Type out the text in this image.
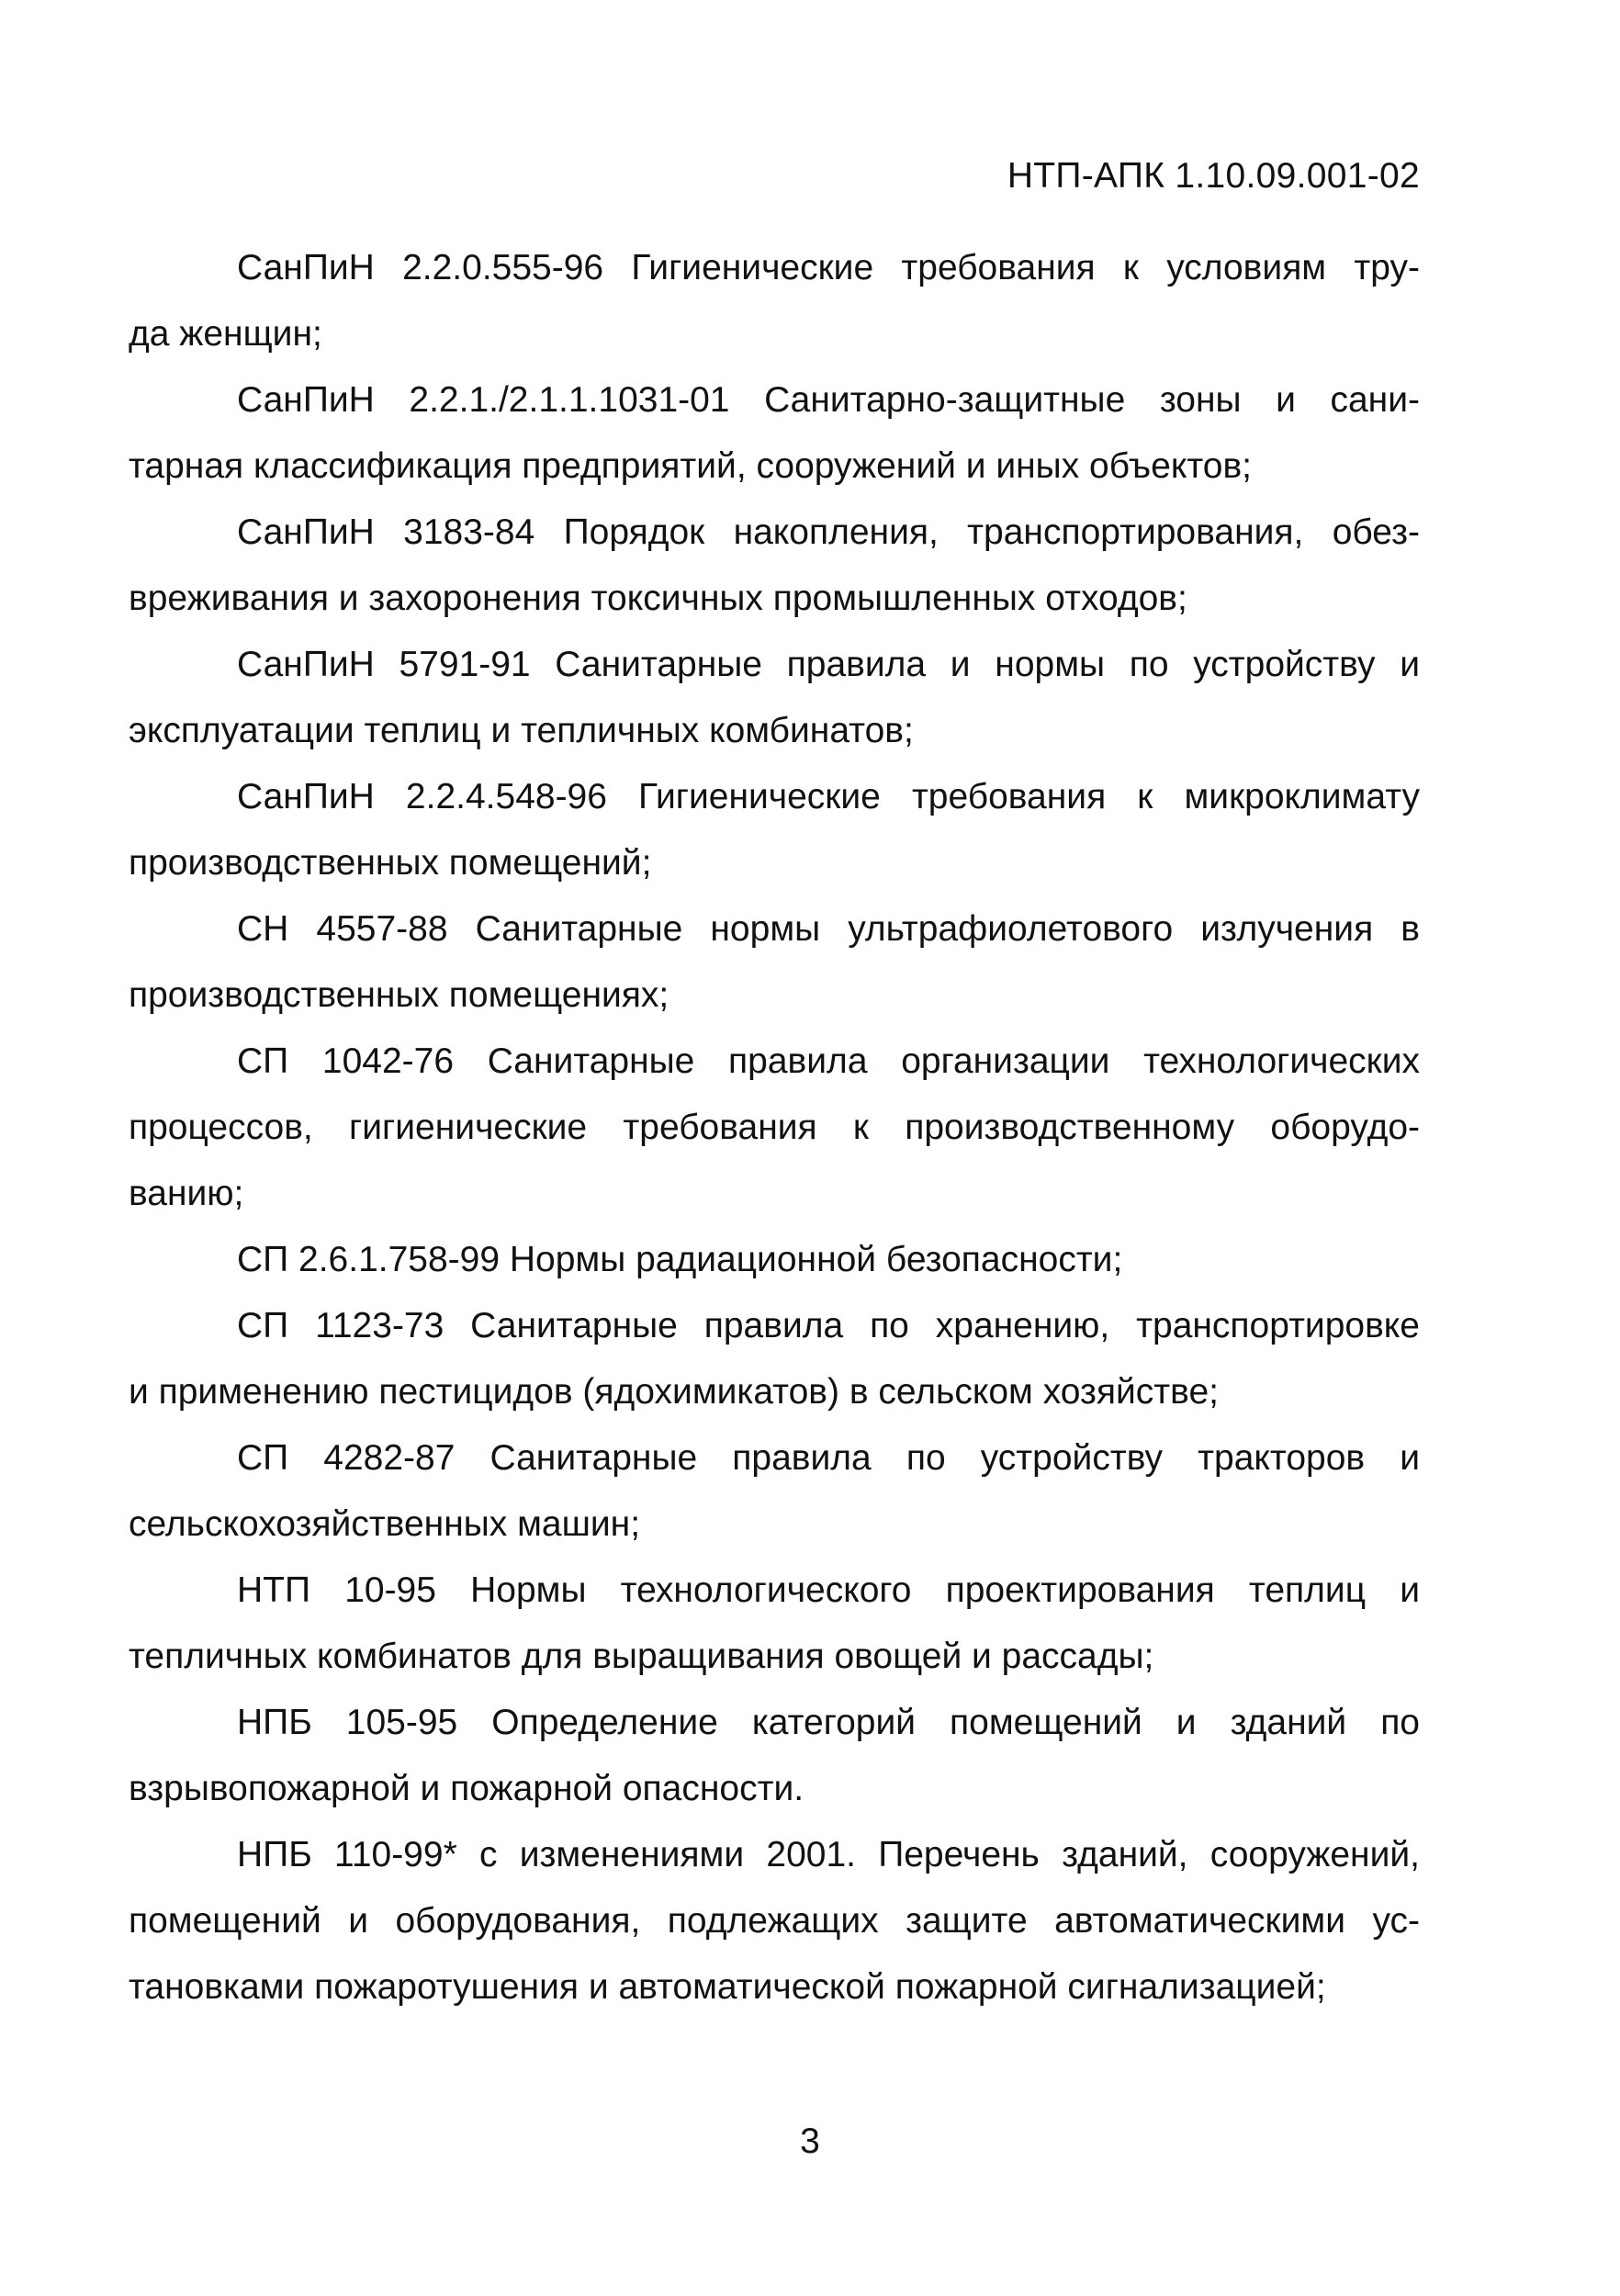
НТП-АПК 1.10.09.001-02

СанПиН 2.2.0.555-96 Гигиенические требования к условиям тру-
да женщин;

СанПиН 2.2.1./2.1.1.1031-01 Санитарно-защитные зоны и сани-
тарная классификация предприятий, сооружений и иных объектов;

СанПиН 3183-84 Порядок накопления, транспортирования, обез-
вреживания и захоронения токсичных промышленных отходов;

СанПиН 5791-91 Санитарные правила и нормы по устройству и
эксплуатации теплиц и тепличных комбинатов;

СанПиН 2.2.4.548-96 Гигиенические требования к микроклимату
производственных помещений;

СН 4557-88 Санитарные нормы ультрафиолетового излучения в
производственных помещениях;

СП 1042-76 Санитарные правила организации технологических
процессов, гигиенические требования к производственному оборудо-
ванию;

СП 2.6.1.758-99 Нормы радиационной безопасности;

СП 1123-73 Санитарные правила по хранению, транспортировке
и применению пестицидов (ядохимикатов) в сельском хозяйстве;

СП 4282-87 Санитарные правила по устройству тракторов и
сельскохозяйственных машин;

НТП 10-95 Нормы технологического проектирования теплиц и
тепличных комбинатов для выращивания овощей и рассады;

НПБ 105-95 Определение категорий помещений и зданий по
взрывопожарной и пожарной опасности.

НПБ 110-99* с изменениями 2001. Перечень зданий, сооружений,
помещений и оборудования, подлежащих защите автоматическими ус-
тановками пожаротушения и автоматической пожарной сигнализацией;

3
